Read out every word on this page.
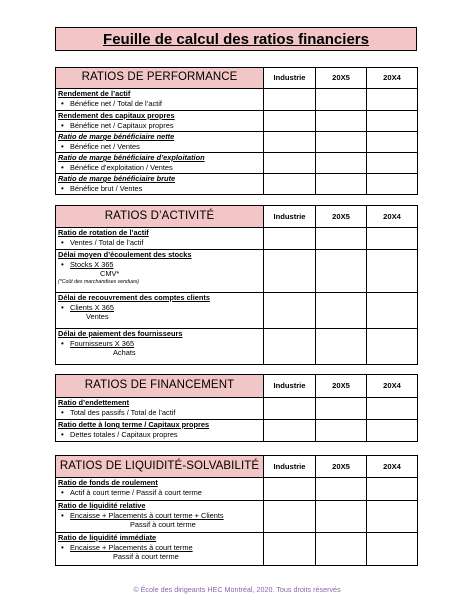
Feuille de calcul des ratios financiers
RATIOS DE PERFORMANCE	Industrie	20X5	20X4

Rendement de l’actif
• Bénéfice net / Total de l’actif

Rendement des capitaux propres
• Bénéfice net / Capitaux propres

Ratio de marge bénéficiaire nette
• Bénéfice net / Ventes

Ratio de marge bénéficiaire d’exploitation
• Bénéfice d’exploitation / Ventes

Ratio de marge bénéficiaire brute
• Bénéfice brut / Ventes

RATIOS D’ACTIVITÉ	Industrie	20X5	20X4

Ratio de rotation de l’actif
• Ventes / Total de l’actif

Délai moyen d’écoulement des stocks
• Stocks X 365
CMV*
(*Coût des marchandises vendues)

Délai de recouvrement des comptes clients
• Clients X 365
Ventes

Délai de paiement des fournisseurs
• Fournisseurs X 365
Achats

RATIOS DE FINANCEMENT	Industrie	20X5	20X4

Ratio d’endettement
• Total des passifs / Total de l’actif

Ratio dette à long terme / Capitaux propres
• Dettes totales / Capitaux propres

RATIOS DE LIQUIDITÉ-SOLVABILITÉ	Industrie	20X5	20X4

Ratio de fonds de roulement
• Actif à court terme / Passif à court terme

Ratio de liquidité relative
• Encaisse + Placements à court terme + Clients
Passif à court terme

Ratio de liquidité immédiate
• Encaisse + Placements à court terme
Passif à court terme

© École des dirigeants HEC Montréal, 2020. Tous droits réservés
